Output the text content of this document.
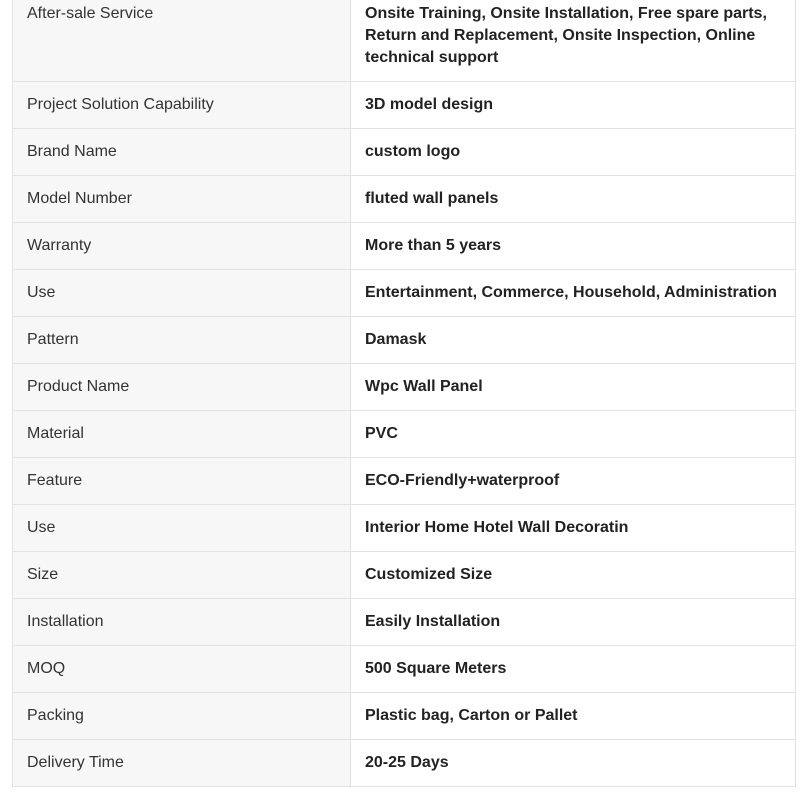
After-sale Service	Onsite Training, Onsite Installation, Free spare parts, Return and Replacement, Onsite Inspection, Online technical support
Project Solution Capability	3D model design
Brand Name	custom logo
Model Number	fluted wall panels
Warranty	More than 5 years
Use	Entertainment, Commerce, Household, Administration
Pattern	Damask
Product Name	Wpc Wall Panel
Material	PVC
Feature	ECO-Friendly+waterproof
Use	Interior Home Hotel Wall Decoratin
Size	Customized Size
Installation	Easily Installation
MOQ	500 Square Meters
Packing	Plastic bag, Carton or Pallet
Delivery Time	20-25 Days
